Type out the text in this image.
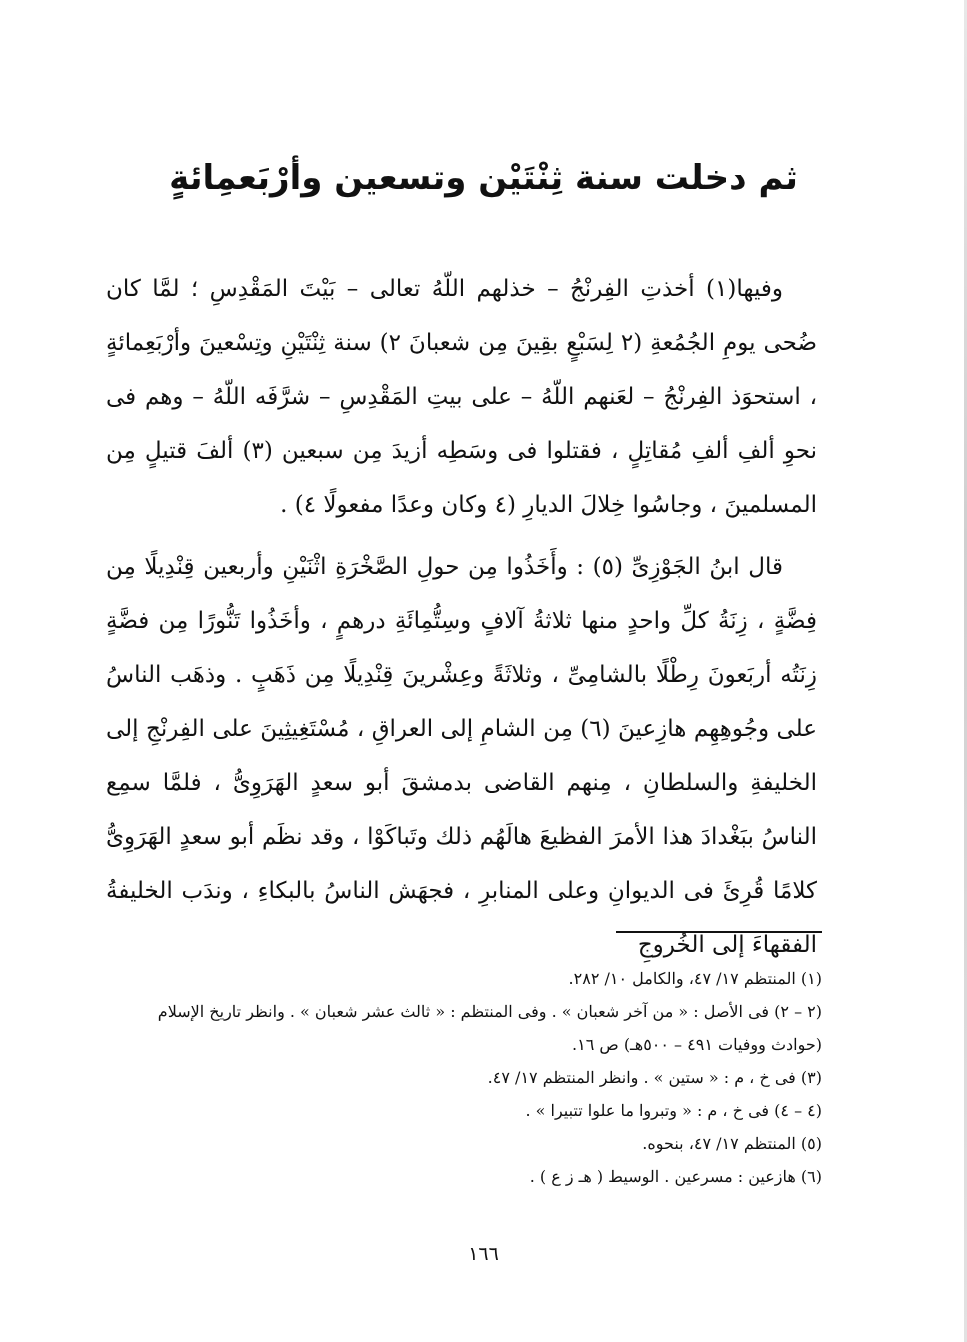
ثم دخلت سنة ثِنْتَيْن وتسعين وأرْبَعمِائةٍ

وفيها(١) أخذتِ الفِرنْجُ – خذلهم اللّهُ تعالى – بَيْتَ المَقْدِسِ ؛ لمَّا كان ضُحى يومِ الجُمُعةِ (٢ لِسَبْعٍ بقِينَ مِن شعبانَ ٢) سنة ثِنْتَيْنِ وتِسْعينَ وأرْبَعِمائةٍ ، استحوَذ الفِرنْجُ – لعَنهم اللّهُ – على بيتِ المَقْدِسِ – شرَّفَه اللّهُ – وهم فى نحوِ ألفِ ألفِ مُقاتِلٍ ، فقتلوا فى وسَطِه أزيدَ مِن سبعين (٣) ألفَ قتيلٍ مِن المسلمينَ ، وجاسُوا خِلالَ الديارِ (٤ وكان وعدًا مفعولًا ٤) .

قال ابنُ الجَوْزِىِّ (٥) : وأَخَذُوا مِن حولِ الصَّخْرَةِ اثْنَيْنِ وأربعين قِنْدِيلًا مِن فِضَّةٍ ، زِنَةُ كلِّ واحدٍ منها ثلاثةُ آلافٍ وسِتُّمِائَةِ درهمٍ ، وأخَذُوا تَنُّورًا مِن فضَّةٍ زِنَتُه أربَعونَ رِطْلًا بالشامِىِّ ، وثلاثَةً وعِشْرينَ قِنْدِيلًا مِن ذَهَبٍ . وذهَب الناسُ على وجُوهِهِم هازِعينَ (٦) مِن الشامِ إلى العراقِ ، مُسْتَغِيثِينَ على الفِرنْجِ إلى الخليفةِ والسلطانِ ، مِنهم القاضى بدمشقَ أبو سعدٍ الهَرَوِىُّ ، فلمَّا سمِع الناسُ ببَغْدادَ هذا الأمرَ الفظيعَ هالَهُم ذلك وتَباكَوْا ، وقد نظَم أبو سعدٍ الهَرَوِىُّ كلامًا قُرِئَ فى الديوانِ وعلى المنابرِ ، فجهَش الناسُ بالبكاءِ ، وندَب الخليفةُ الفقهاءَ إلى الخُروجِ

(١) المنتظم ١٧/ ٤٧، والكامل ١٠/ ٢٨٢.

(٢ – ٢) فى الأصل : « من آخر شعبان » . وفى المنتظم : « ثالث عشر شعبان » . وانظر تاريخ الإسلام (حوادث ووفيات ٤٩١ – ٥٠٠هـ) ص ١٦.

(٣) فى خ ، م : « ستين » . وانظر المنتظم ١٧/ ٤٧.

(٤ – ٤) فى خ ، م : « وتبروا ما علوا تتبيرا » .

(٥) المنتظم ١٧/ ٤٧، بنحوه.

(٦) هازعين : مسرعين . الوسيط ( هـ ز ع ) .

١٦٦
